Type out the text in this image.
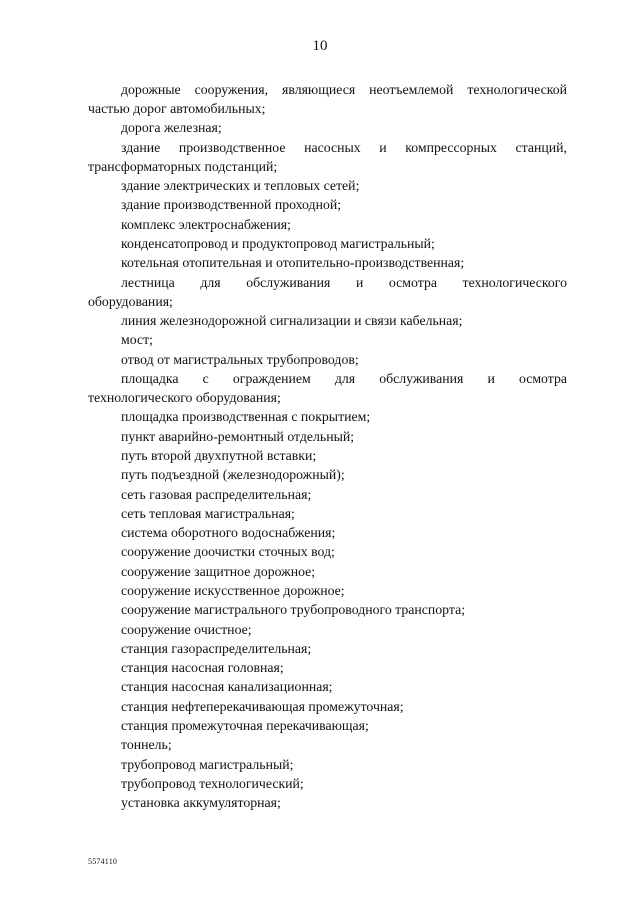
10
дорожные сооружения, являющиеся неотъемлемой технологической
частью дорог автомобильных;
дорога железная;
здание производственное насосных и компрессорных станций,
трансформаторных подстанций;
здание электрических и тепловых сетей;
здание производственной проходной;
комплекс электроснабжения;
конденсатопровод и продуктопровод магистральный;
котельная отопительная и отопительно-производственная;
лестница для обслуживания и осмотра технологического
оборудования;
линия железнодорожной сигнализации и связи кабельная;
мост;
отвод от магистральных трубопроводов;
площадка с ограждением для обслуживания и осмотра
технологического оборудования;
площадка производственная с покрытием;
пункт аварийно-ремонтный отдельный;
путь второй двухпутной вставки;
путь подъездной (железнодорожный);
сеть газовая распределительная;
сеть тепловая магистральная;
система оборотного водоснабжения;
сооружение доочистки сточных вод;
сооружение защитное дорожное;
сооружение искусственное дорожное;
сооружение магистрального трубопроводного транспорта;
сооружение очистное;
станция газораспределительная;
станция насосная головная;
станция насосная канализационная;
станция нефтеперекачивающая промежуточная;
станция промежуточная перекачивающая;
тоннель;
трубопровод магистральный;
трубопровод технологический;
установка аккумуляторная;
5574110
